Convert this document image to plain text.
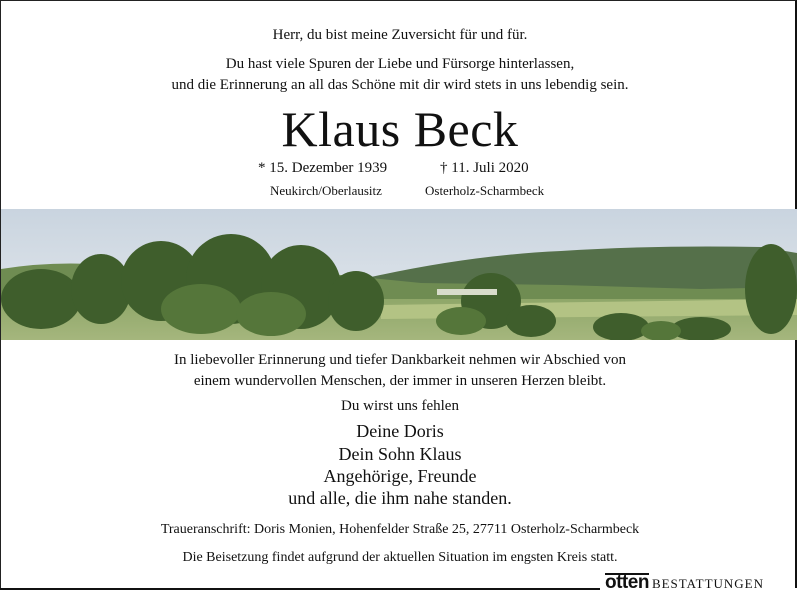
Herr, du bist meine Zuversicht für und für.
Du hast viele Spuren der Liebe und Fürsorge hinterlassen,
und die Erinnerung an all das Schöne mit dir wird stets in uns lebendig sein.
Klaus Beck
* 15. Dezember 1939	† 11. Juli 2020
Neukirch/Oberlausitz	Osterholz-Scharmbeck
In liebevoller Erinnerung und tiefer Dankbarkeit nehmen wir Abschied von
einem wundervollen Menschen, der immer in unseren Herzen bleibt.
Du wirst uns fehlen
Deine Doris
Dein Sohn Klaus
Angehörige, Freunde
und alle, die ihm nahe standen.
Traueranschrift: Doris Monien, Hohenfelder Straße 25, 27711 Osterholz-Scharmbeck
Die Beisetzung findet aufgrund der aktuellen Situation im engsten Kreis statt.
otten BESTATTUNGEN
